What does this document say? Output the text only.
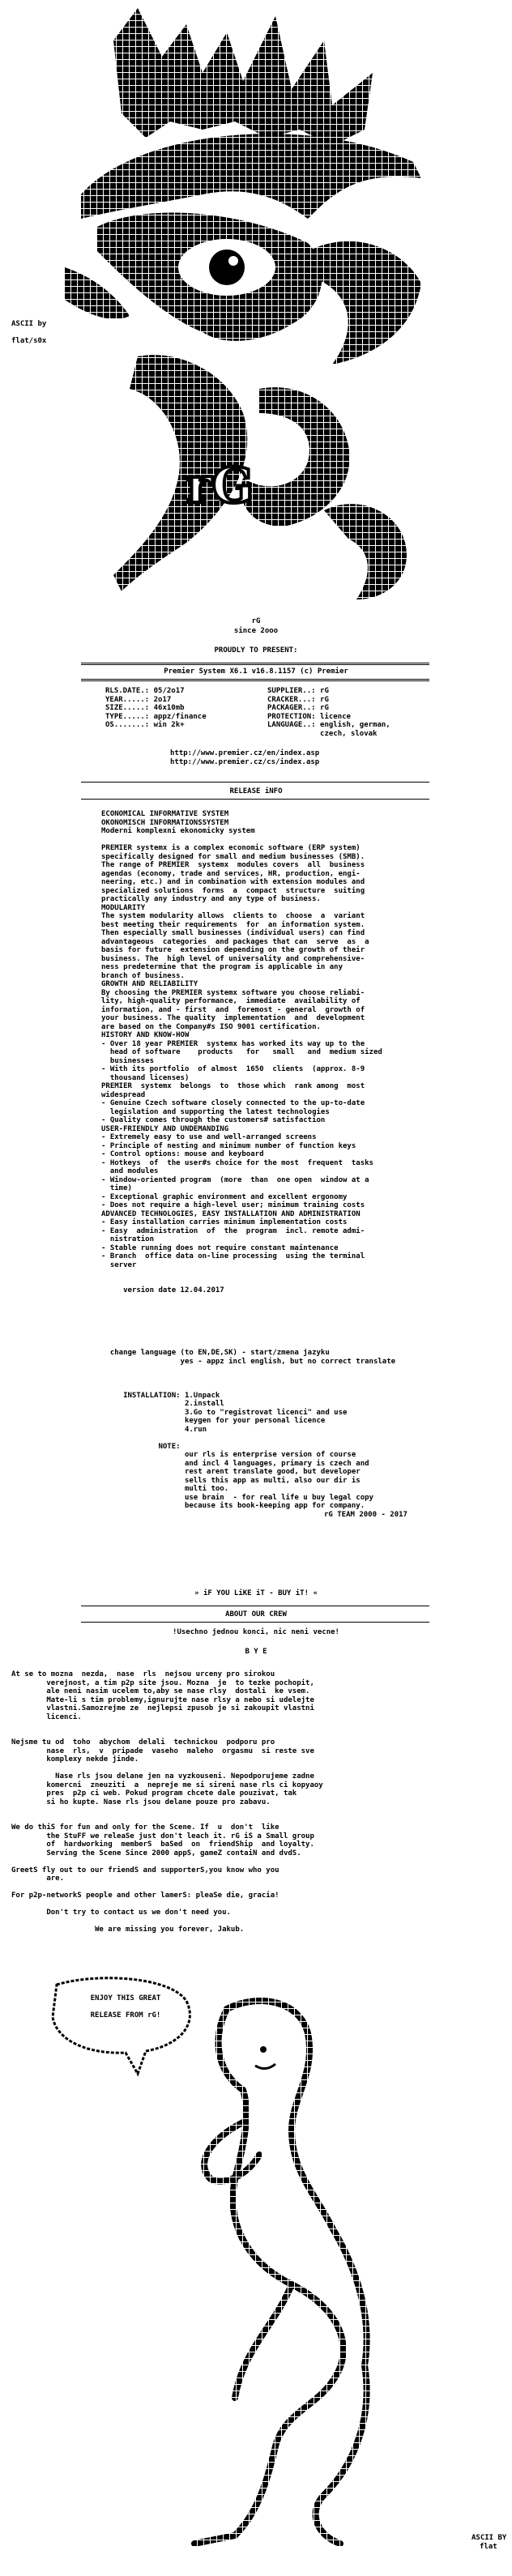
rG
ASCII by
flat/s0x
rG
since 2ooo
PROUDLY TO PRESENT:
Premier System X6.1 v16.8.1157 (c) Premier
RLS.DATE.: 05/2o17
YEAR.....: 2o17
SIZE.....: 46x10mb
TYPE.....: appz/finance
OS.......: win 2k+
SUPPLIER..: rG
CRACKER...: rG
PACKAGER..: rG
PROTECTION: licence
LANGUAGE..: english, german,
czech, slovak
http://www.premier.cz/en/index.asp
http://www.premier.cz/cs/index.asp
RELEASE iNFO
ECONOMICAL INFORMATIVE SYSTEM
OKONOMISCH INFORMATIONSSYSTEM
Moderni komplexni ekonomicky system

PREMIER systemx is a complex economic software (ERP system)
specifically designed for small and medium businesses (SMB).
The range of PREMIER  systemx  modules covers  all  business
agendas (economy, trade and services, HR, production, engi-
neering, etc.) and in combination with extension modules and
specialized solutions  forms  a  compact  structure  suiting
practically any industry and any type of business.
MODULARITY
The system modularity allows  clients to  choose  a  variant
best meeting their requirements  for  an information system.
Then especially small businesses (individual users) can find
advantageous  categories  and packages that can  serve  as  a
basis for future  extension depending on the growth of their
business. The  high level of universality and comprehensive-
ness predetermine that the program is applicable in any
branch of business.
GROWTH AND RELIABILITY
By choosing the PREMIER systemx software you choose reliabi-
lity, high-quality performance,  immediate  availability of
information, and - first  and  foremost - general  growth of
your business. The quality  implementation  and  development
are based on the Company#s ISO 9001 certification.
HISTORY AND KNOW-HOW
- Over 18 year PREMIER  systemx has worked its way up to the
head of software    products   for   small   and  medium sized
businesses
- With its portfolio  of almost  1650  clients  (approx. 8-9
thousand licenses)
PREMIER  systemx  belongs  to  those which  rank among  most
widespread
- Genuine Czech software closely connected to the up-to-date
legislation and supporting the latest technologies
- Quality comes through the customers# satisfaction
USER-FRIENDLY AND UNDEMANDING
- Extremely easy to use and well-arranged screens
- Principle of nesting and minimum number of function keys
- Control options: mouse and keyboard
- Hotkeys  of  the user#s choice for the most  frequent  tasks
and modules
- Window-oriented program  (more  than  one open  window at a
time)
- Exceptional graphic environment and excellent ergonomy
- Does not require a high-level user; minimum training costs
ADVANCED TECHNOLOGIES, EASY INSTALLATION AND ADMINISTRATION
- Easy installation carries minimum implementation costs
- Easy  administration  of  the  program  incl. remote admi-
nistration
- Stable running does not require constant maintenance
- Branch  office data on-line processing  using the terminal
server

version date 12.04.2017
change language (to EN,DE,SK) - start/zmena jazyku
yes - appz incl english, but no correct translate

INSTALLATION: 1.Unpack
2.install
3.Go to "registrovat licenci" and use
keygen for your personal licence
4.run

NOTE:
our rls is enterprise version of course
and incl 4 languages, primary is czech and
rest arent translate good, but developer
sells this app as multi, also our dir is
multi too.
use brain  - for real life u buy legal copy
because its book-keeping app for company.
rG TEAM 2000 - 2017
» iF YOU LiKE iT - BUY iT! «
ABOUT OUR CREW
!Usechno jednou konci, nic neni vecne!
B Y E
At se to mozna  nezda,  nase  rls  nejsou urceny pro sirokou
verejnost, a tim p2p site jsou. Mozna  je  to tezke pochopit,
ale neni nasim ucelem to,aby se nase rlsy  dostali  ke vsem.
Mate-li s tim problemy,ignurujte nase rlsy a nebo si udelejte
vlastni.Samozrejme ze  nejlepsi zpusob je si zakoupit vlastni
licenci.

Nejsme tu od  toho  abychom  delali  technickou  podporu pro
nase  rls,  v  pripade  vaseho  maleho  orgasmu  si reste sve
komplexy nekde jinde.

Nase rls jsou delane jen na vyzkouseni. Nepodporujeme zadne
komercni  zneuziti  a  nepreje me si sireni nase rls ci kopyaoy
pres  p2p ci web. Pokud program chcete dale pouzivat, tak
si ho kupte. Nase rls jsou delane pouze pro zabavu.

We do thiS for fun and only for the Scene. If  u  don't  like
the StuFF we releaSe just don't leach it. rG iS a Small group
of  hardworking  memberS  baSed  on  friendShip  and loyalty.
Serving the Scene Since 2000 appS, gameZ contaiN and dvdS.

GreetS fly out to our friendS and supporterS,you know who you
are.

For p2p-networkS people and other lamerS: pleaSe die, gracia!

Don't try to contact us we don't need you.

We are missing you forever, Jakub.
ENJOY THIS GREAT
RELEASE FROM rG!
ASCII BY
flat
